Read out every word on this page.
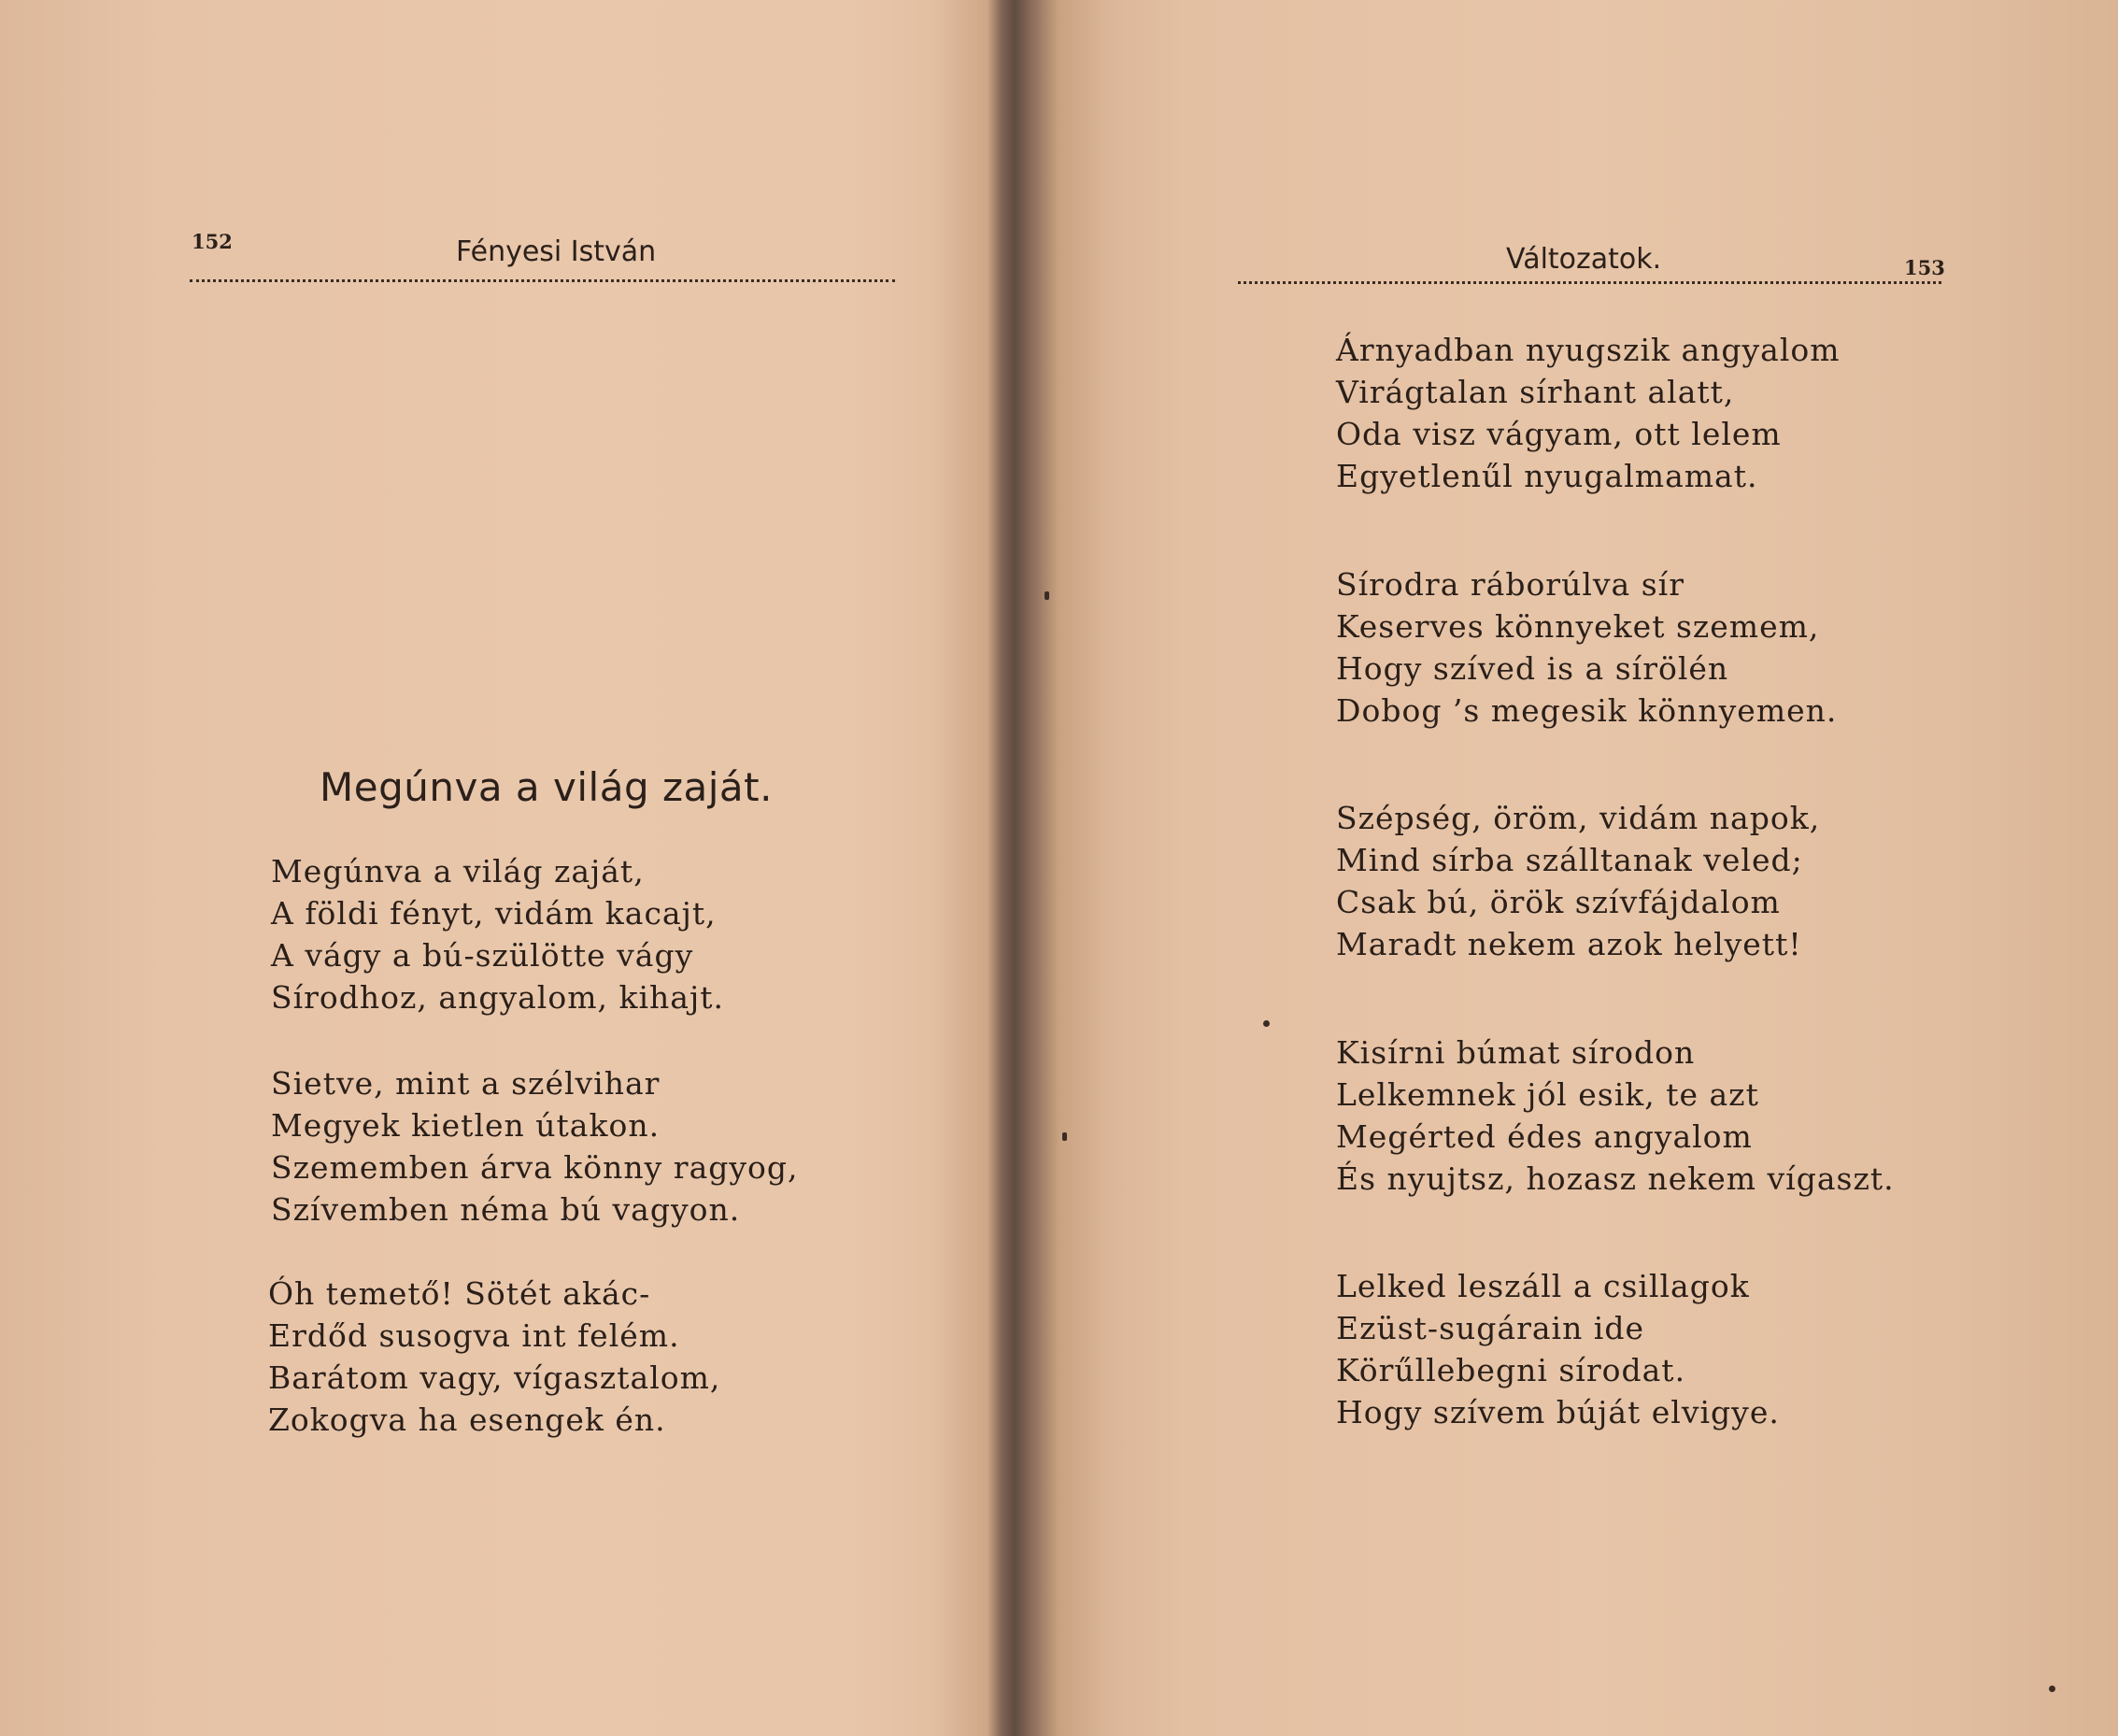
152	Fényesi István
Megúnva a világ zaját.
Megúnva a világ zaját,
A földi fényt, vidám kacajt,
A vágy a bú-szülötte vágy
Sírodhoz, angyalom, kihajt.
Sietve, mint a szélvihar
Megyek kietlen útakon.
Szememben árva könny ragyog,
Szívemben néma bú vagyon.
Óh temető! Sötét akác-
Erdőd susogva int felém.
Barátom vagy, vígasztalom,
Zokogva ha esengek én.
Változatok.	153
Árnyadban nyugszik angyalom
Virágtalan sírhant alatt,
Oda visz vágyam, ott lelem
Egyetlenűl nyugalmamat.
Sírodra ráborúlva sír
Keserves könnyeket szemem,
Hogy szíved is a sírölén
Dobog ’s megesik könnyemen.
Szépség, öröm, vidám napok,
Mind sírba szálltanak veled;
Csak bú, örök szívfájdalom
Maradt nekem azok helyett!
Kisírni búmat sírodon
Lelkemnek jól esik, te azt
Megérted édes angyalom
És nyujtsz, hozasz nekem vígaszt.
Lelked leszáll a csillagok
Ezüst-sugárain ide
Körűllebegni sírodat.
Hogy szívem búját elvigye.
